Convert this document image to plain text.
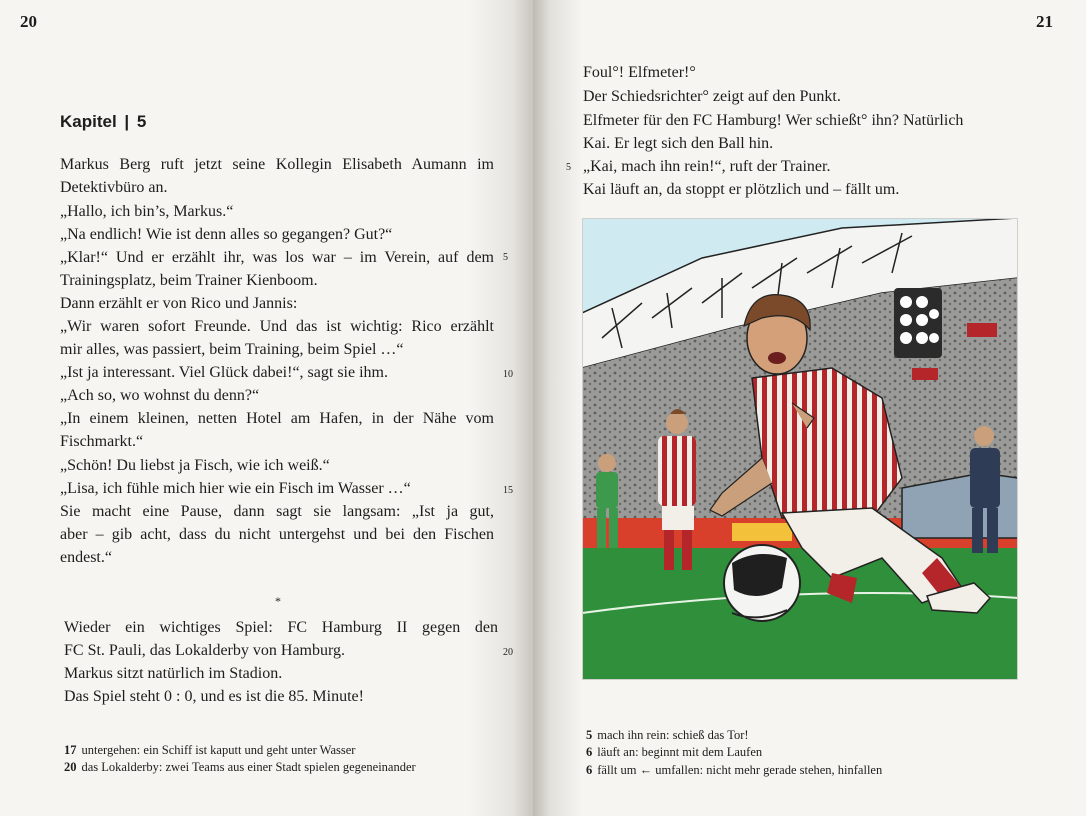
20
Kapitel | 5
Markus Berg ruft jetzt seine Kollegin Elisabeth Aumann im
Detektivbüro an.
„Hallo, ich bin’s, Markus.“
„Na endlich! Wie ist denn alles so gegangen? Gut?“
„Klar!“ Und er erzählt ihr, was los war – im Verein, auf dem
Trainingsplatz, beim Trainer Kienboom.
Dann erzählt er von Rico und Jannis:
„Wir waren sofort Freunde. Und das ist wichtig: Rico erzählt
mir alles, was passiert, beim Training, beim Spiel …“
„Ist ja interessant. Viel Glück dabei!“, sagt sie ihm.
„Ach so, wo wohnst du denn?“
„In einem kleinen, netten Hotel am Hafen, in der Nähe vom
Fischmarkt.“
„Schön! Du liebst ja Fisch, wie ich weiß.“
„Lisa, ich fühle mich hier wie ein Fisch im Wasser …“
Sie macht eine Pause, dann sagt sie langsam: „Ist ja gut,
aber – gib acht, dass du nicht untergehst und bei den Fischen
endest.“
5
10
15
20
*
Wieder ein wichtiges Spiel: FC Hamburg II gegen den
FC St. Pauli, das Lokalderby von Hamburg.
Markus sitzt natürlich im Stadion.
Das Spiel steht 0 : 0, und es ist die 85. Minute!
17 untergehen: ein Schiff ist kaputt und geht unter Wasser
20 das Lokalderby: zwei Teams aus einer Stadt spielen gegeneinander
21
Foul°! Elfmeter!°
Der Schiedsrichter° zeigt auf den Punkt.
Elfmeter für den FC Hamburg! Wer schießt° ihn? Natürlich
Kai. Er legt sich den Ball hin.
„Kai, mach ihn rein!“, ruft der Trainer.
Kai läuft an, da stoppt er plötzlich und – fällt um.
5
5 mach ihn rein: schieß das Tor!
6 läuft an: beginnt mit dem Laufen
6 fällt um ← umfallen: nicht mehr gerade stehen, hinfallen
